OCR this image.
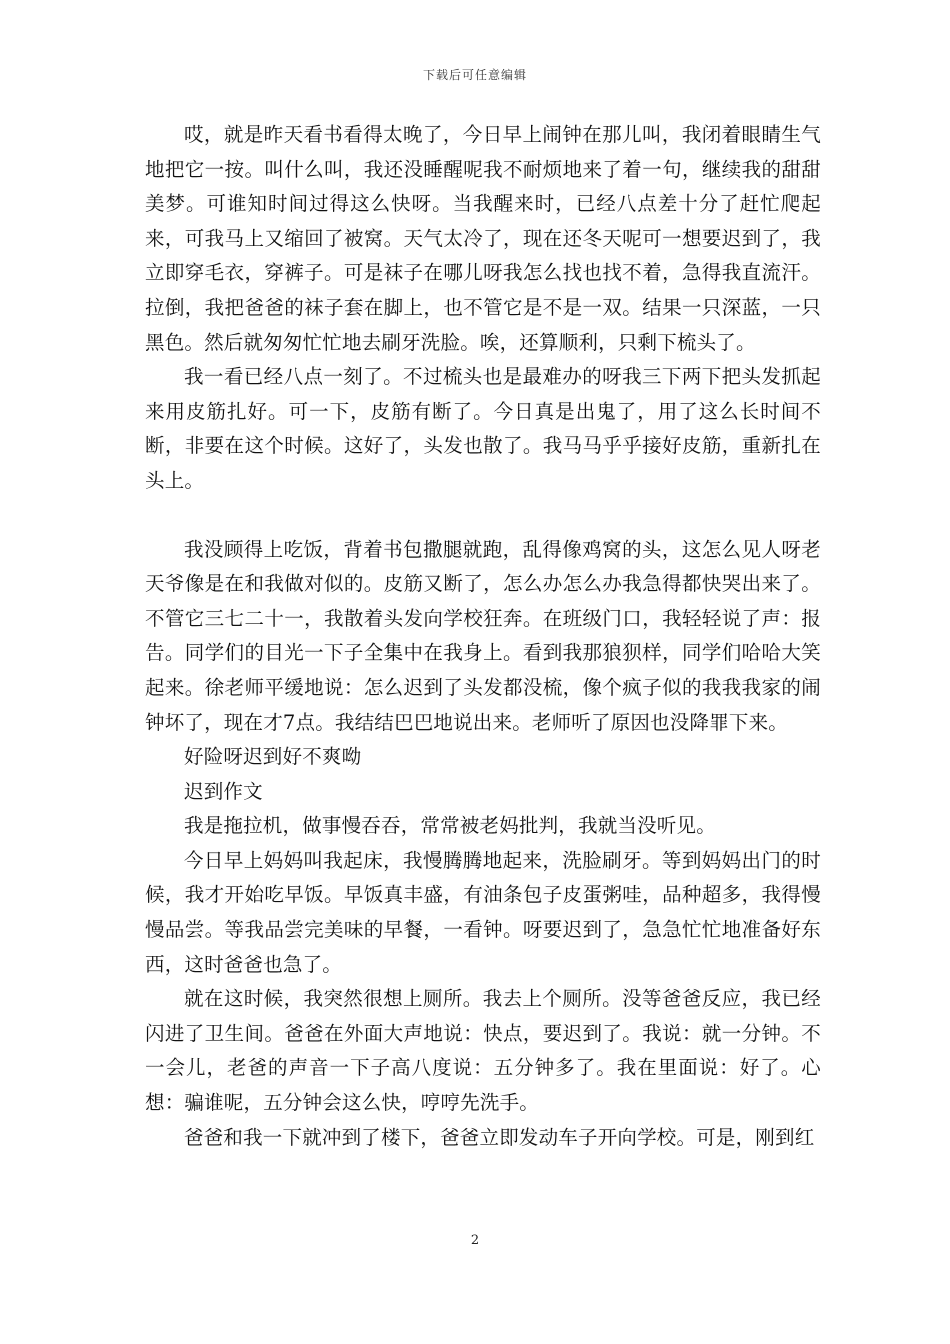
下载后可任意编辑

哎，就是昨天看书看得太晚了，今日早上闹钟在那儿叫，我闭着眼睛生气地把它一按。叫什么叫，我还没睡醒呢我不耐烦地来了着一句，继续我的甜甜美梦。可谁知时间过得这么快呀。当我醒来时，已经八点差十分了赶忙爬起来，可我马上又缩回了被窝。天气太冷了，现在还冬天呢可一想要迟到了，我立即穿毛衣，穿裤子。可是袜子在哪儿呀我怎么找也找不着，急得我直流汗。拉倒，我把爸爸的袜子套在脚上，也不管它是不是一双。结果一只深蓝，一只黑色。然后就匆匆忙忙地去刷牙洗脸。唉，还算顺利，只剩下梳头了。

我一看已经八点一刻了。不过梳头也是最难办的呀我三下两下把头发抓起来用皮筋扎好。可一下，皮筋有断了。今日真是出鬼了，用了这么长时间不断，非要在这个时候。这好了，头发也散了。我马马乎乎接好皮筋，重新扎在头上。

我没顾得上吃饭，背着书包撒腿就跑，乱得像鸡窝的头，这怎么见人呀老天爷像是在和我做对似的。皮筋又断了，怎么办怎么办我急得都快哭出来了。不管它三七二十一，我散着头发向学校狂奔。在班级门口，我轻轻说了声：报告。同学们的目光一下子全集中在我身上。看到我那狼狈样，同学们哈哈大笑起来。徐老师平缓地说：怎么迟到了头发都没梳，像个疯子似的我我我家的闹钟坏了，现在才7点。我结结巴巴地说出来。老师听了原因也没降罪下来。

好险呀迟到好不爽呦

迟到作文

我是拖拉机，做事慢吞吞，常常被老妈批判，我就当没听见。

今日早上妈妈叫我起床，我慢腾腾地起来，洗脸刷牙。等到妈妈出门的时候，我才开始吃早饭。早饭真丰盛，有油条包子皮蛋粥哇，品种超多，我得慢慢品尝。等我品尝完美味的早餐，一看钟。呀要迟到了，急急忙忙地准备好东西，这时爸爸也急了。

就在这时候，我突然很想上厕所。我去上个厕所。没等爸爸反应，我已经闪进了卫生间。爸爸在外面大声地说：快点，要迟到了。我说：就一分钟。不一会儿，老爸的声音一下子高八度说：五分钟多了。我在里面说：好了。心想：骗谁呢，五分钟会这么快，哼哼先洗手。

爸爸和我一下就冲到了楼下，爸爸立即发动车子开向学校。可是，刚到红

2
